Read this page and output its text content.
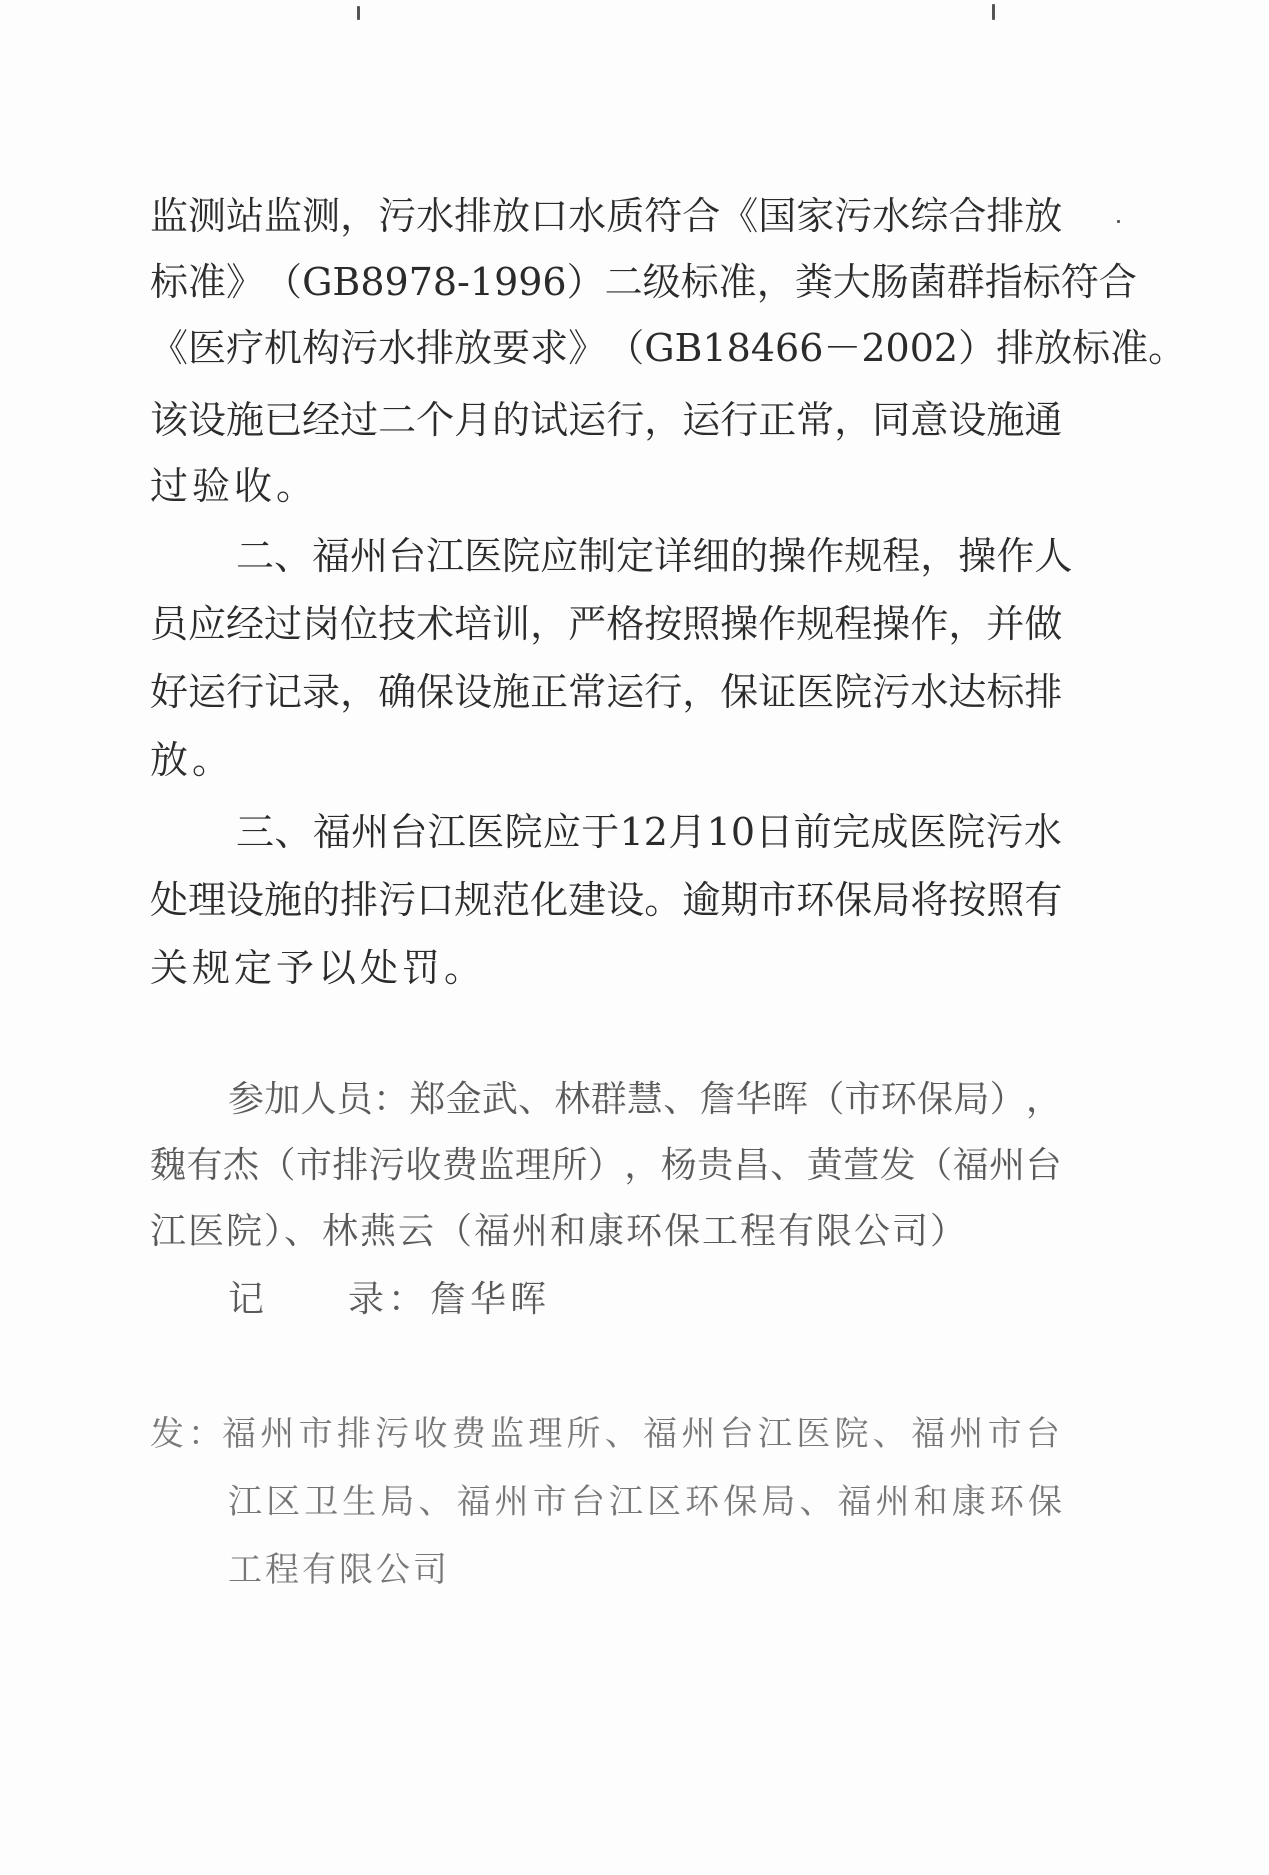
监 测 站 监 测 ， 污 水 排 放 口 水 质 符 合 《 国 家 污 水 综 合 排 放
标 准 》 （ GB8978-1996 ） 二 级 标 准 ， 粪 大 肠 菌 群 指 标 符 合
《 医 疗 机 构 污 水 排 放 要 求 》 （ GB18466－2002 ） 排 放 标 准 。
该 设 施 已 经 过 二 个 月 的 试 运 行 ， 运 行 正 常 ， 同 意 设 施 通
过验收。
二 、 福 州 台 江 医 院 应 制 定 详 细 的 操 作 规 程 ， 操 作 人
员 应 经 过 岗 位 技 术 培 训 ， 严 格 按 照 操 作 规 程 操 作 ， 并 做
好 运 行 记 录 ， 确 保 设 施 正 常 运 行 ， 保 证 医 院 污 水 达 标 排
放。
三 、 福 州 台 江 医 院 应 于 12 月 10 日 前 完 成 医 院 污 水
处 理 设 施 的 排 污 口 规 范 化 建 设 。 逾 期 市 环 保 局 将 按 照 有
关规定予以处罚。
参 加 人 员 ： 郑 金 武 、 林 群 慧 、 詹 华 晖 （ 市 环 保 局 ） ，
魏 有 杰 （ 市 排 污 收 费 监 理 所 ） ， 杨 贵 昌 、 黄 萱 发 （ 福 州 台
江医院）、林燕云（福州和康环保工程有限公司）
记　　录： 詹华晖
发：
福 州 市 排 污 收 费 监 理 所 、 福 州 台 江 医 院 、 福 州 市 台
江 区 卫 生 局 、 福 州 市 台 江 区 环 保 局 、 福 州 和 康 环 保
工程有限公司
